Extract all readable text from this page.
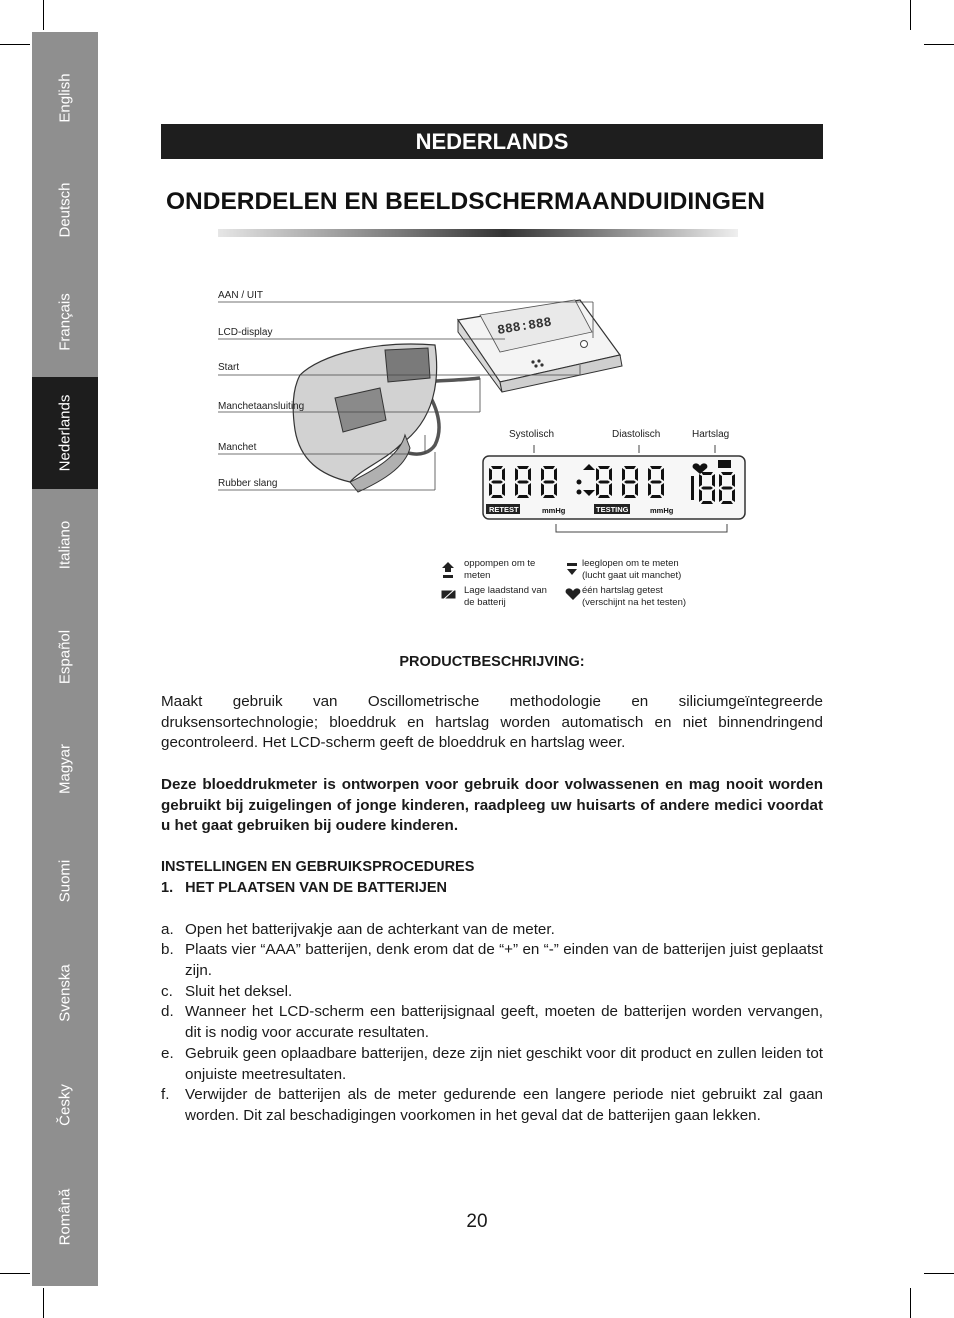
English
Deutsch
Français
Nederlands
Italiano
Español
Magyar
Suomi
Svenska
Česky
Română
NEDERLANDS
ONDERDELEN EN BEELDSCHERMAANDUIDINGEN
888:888
AAN / UIT
LCD-display
Start
Manchetaansluiting
Manchet
Rubber slang
Systolisch	Diastolisch	Hartslag
RETEST	mmHg	TESTING	mmHg
oppompen om te
meten
leeglopen om te meten
(lucht gaat uit manchet)
Lage laadstand van
de batterij
één hartslag getest
(verschijnt na het testen)
PRODUCTBESCHRIJVING:
Maakt gebruik van Oscillometrische methodologie en siliciumgeïntegreerde druksensortechnologie; bloeddruk en hartslag worden automatisch en niet binnendringend gecontroleerd. Het LCD-scherm geeft de bloeddruk en hartslag weer.
Deze bloeddrukmeter is ontworpen voor gebruik door volwassenen en mag nooit worden gebruikt bij zuigelingen of jonge kinderen, raadpleeg uw huisarts of andere medici voordat u het gaat gebruiken bij oudere kinderen.
INSTELLINGEN EN GEBRUIKSPROCEDURES
1.   HET PLAATSEN VAN DE BATTERIJEN
a. Open het batterijvakje aan de achterkant van de meter.
b. Plaats vier “AAA” batterijen, denk erom dat de “+” en “-” einden van de batterijen juist geplaatst zijn.
c. Sluit het deksel.
d. Wanneer het LCD-scherm een batterijsignaal geeft, moeten de batterijen worden vervangen, dit is nodig voor accurate resultaten.
e. Gebruik geen oplaadbare batterijen, deze zijn niet geschikt voor dit product en zullen leiden tot onjuiste meetresultaten.
f. Verwijder de batterijen als de meter gedurende een langere periode niet gebruikt zal gaan worden. Dit zal beschadigingen voorkomen in het geval dat de batterijen gaan lekken.
20
